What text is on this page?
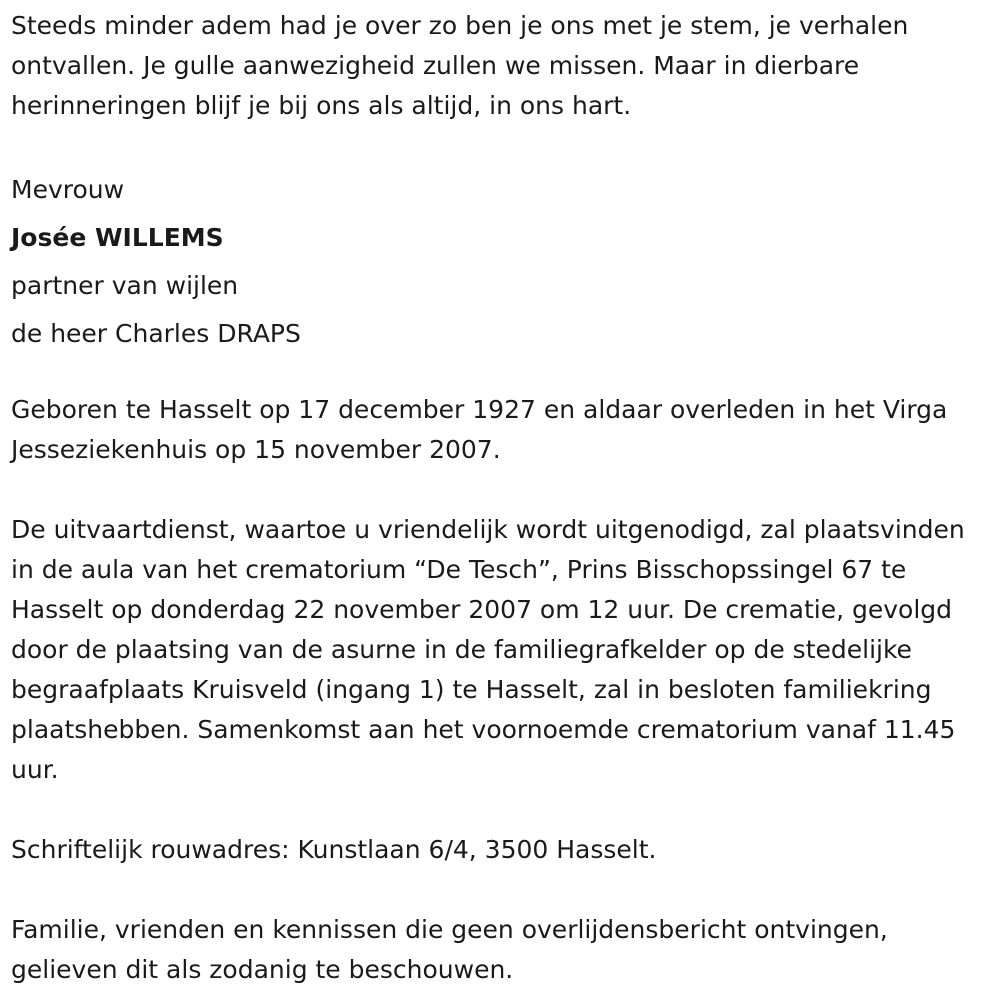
Steeds minder adem had je over zo ben je ons met je stem, je verhalen ontvallen. Je gulle aanwezigheid zullen we missen. Maar in dierbare herinneringen blijf je bij ons als altijd, in ons hart.

Mevrouw

Josée WILLEMS

partner van wijlen

de heer Charles DRAPS

Geboren te Hasselt op 17 december 1927 en aldaar overleden in het Virga Jesseziekenhuis op 15 november 2007.

De uitvaartdienst, waartoe u vriendelijk wordt uitgenodigd, zal plaatsvinden in de aula van het crematorium “De Tesch”, Prins Bisschopssingel 67 te Hasselt op donderdag 22 november 2007 om 12 uur. De crematie, gevolgd door de plaatsing van de asurne in de familiegrafkelder op de stedelijke begraafplaats Kruisveld (ingang 1) te Hasselt, zal in besloten familiekring plaatshebben. Samenkomst aan het voornoemde crematorium vanaf 11.45 uur.

Schriftelijk rouwadres: Kunstlaan 6/4, 3500 Hasselt.

Familie, vrienden en kennissen die geen overlijdensbericht ontvingen, gelieven dit als zodanig te beschouwen.
